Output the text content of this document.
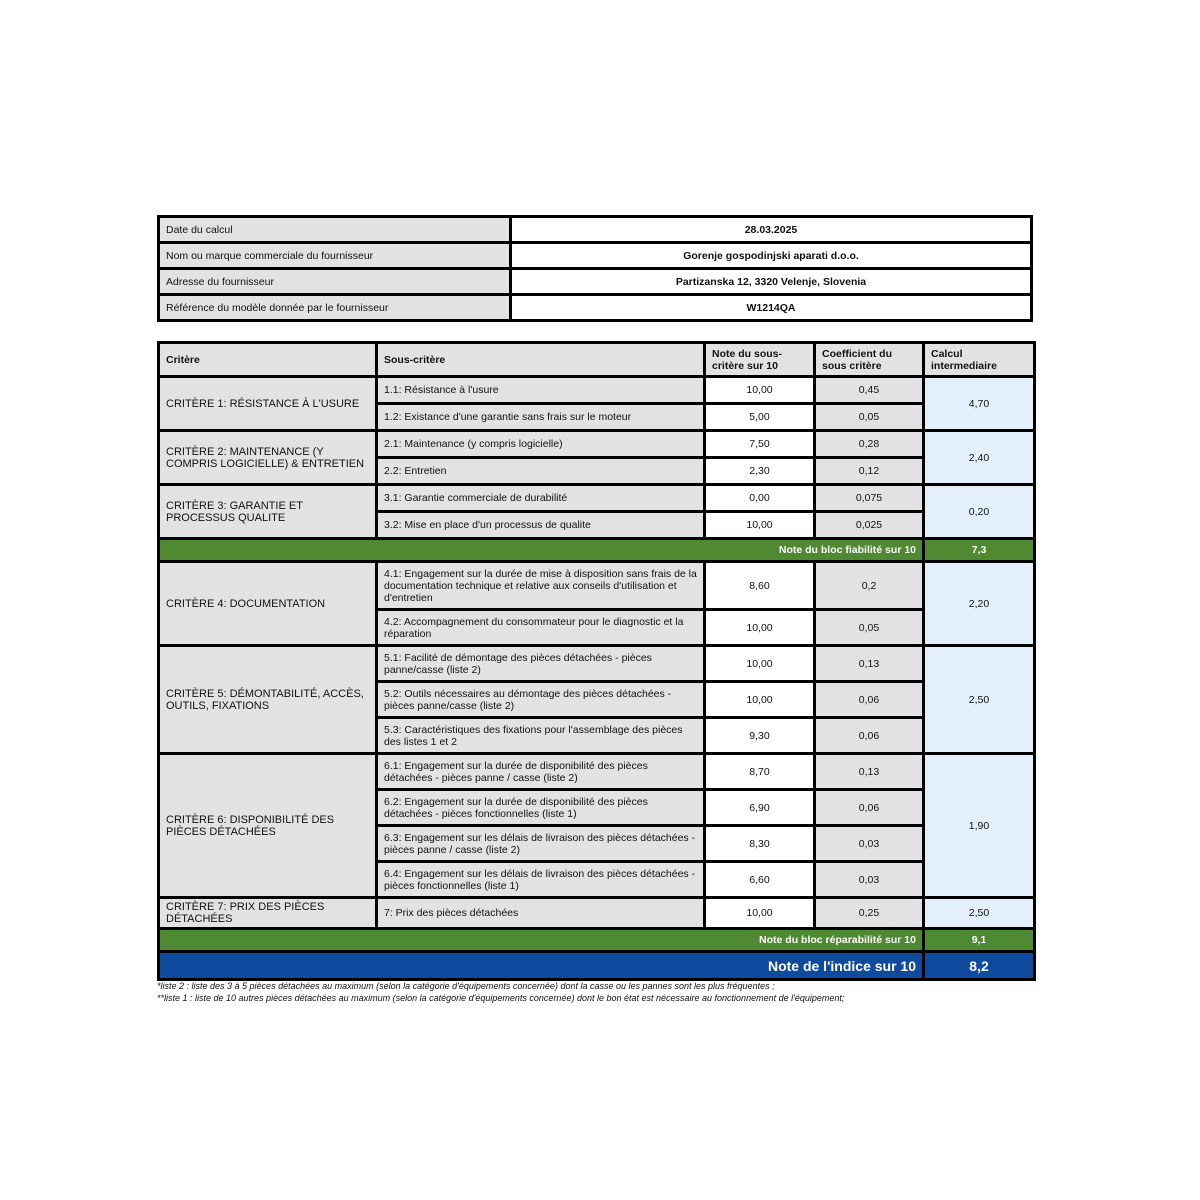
Date du calcul	28.03.2025
Nom ou marque commerciale du fournisseur	Gorenje gospodinjski aparati d.o.o.
Adresse du fournisseur	Partizanska 12, 3320 Velenje, Slovenia
Référence du modèle donnée par le fournisseur	W1214QA
Critère	Sous-critère	Note du sous-critère sur 10	Coefficient du sous critère	Calcul intermediaire
CRITÈRE 1: RÉSISTANCE À L'USURE	1.1: Résistance à l'usure	10,00	0,45	4,70
	1.2: Existance d'une garantie sans frais sur le moteur	5,00	0,05	
CRITÈRE 2: MAINTENANCE (Y COMPRIS LOGICIELLE) & ENTRETIEN	2.1: Maintenance (y compris logicielle)	7,50	0,28	2,40
	2.2: Entretien	2,30	0,12	
CRITÈRE 3: GARANTIE ET PROCESSUS QUALITE	3.1: Garantie commerciale de durabilité	0,00	0,075	0,20
	3.2: Mise en place d'un processus de qualite	10,00	0,025	
Note du bloc fiabilité sur 10				7,3
CRITÈRE 4: DOCUMENTATION	4.1: Engagement sur la durée de mise à disposition sans frais de la documentation technique et relative aux conseils d'utilisation et d'entretien	8,60	0,2	2,20
	4.2: Accompagnement du consommateur pour le diagnostic et la réparation	10,00	0,05	
CRITÈRE 5: DÉMONTABILITÉ, ACCÈS, OUTILS, FIXATIONS	5.1: Facilité de démontage des pièces détachées - pièces panne/casse (liste 2)	10,00	0,13	2,50
	5.2: Outils nécessaires au démontage des pièces détachées - pièces panne/casse (liste 2)	10,00	0,06	
	5.3: Caractéristiques des fixations pour l'assemblage des pièces des listes 1 et 2	9,30	0,06	
CRITÈRE 6: DISPONIBILITÉ DES PIÈCES DÉTACHÉES	6.1: Engagement sur la durée de disponibilité des pièces détachées - pièces panne / casse (liste 2)	8,70	0,13	1,90
	6.2: Engagement sur la durée de disponibilité des pièces détachées - pièces fonctionnelles (liste 1)	6,90	0,06	
	6.3: Engagement sur les délais de livraison des pièces détachées - pièces panne / casse (liste 2)	8,30	0,03	
	6.4: Engagement sur les délais de livraison des pièces détachées - pièces fonctionnelles (liste 1)	6,60	0,03	
CRITÈRE 7: PRIX DES PIÈCES DÉTACHÉES	7: Prix des pièces détachées	10,00	0,25	2,50
Note du bloc réparabilité sur 10				9,1
Note de l'indice sur 10				8,2
*liste 2 : liste des 3 à 5 pièces détachées au maximum (selon la catégorie d'équipements concernée) dont la casse ou les pannes sont les plus fréquentes ;
**liste 1 : liste de 10 autres pièces détachées au maximum (selon la catégorie d'équipements concernée) dont le bon état est nécessaire au fonctionnement de l'équipement;
